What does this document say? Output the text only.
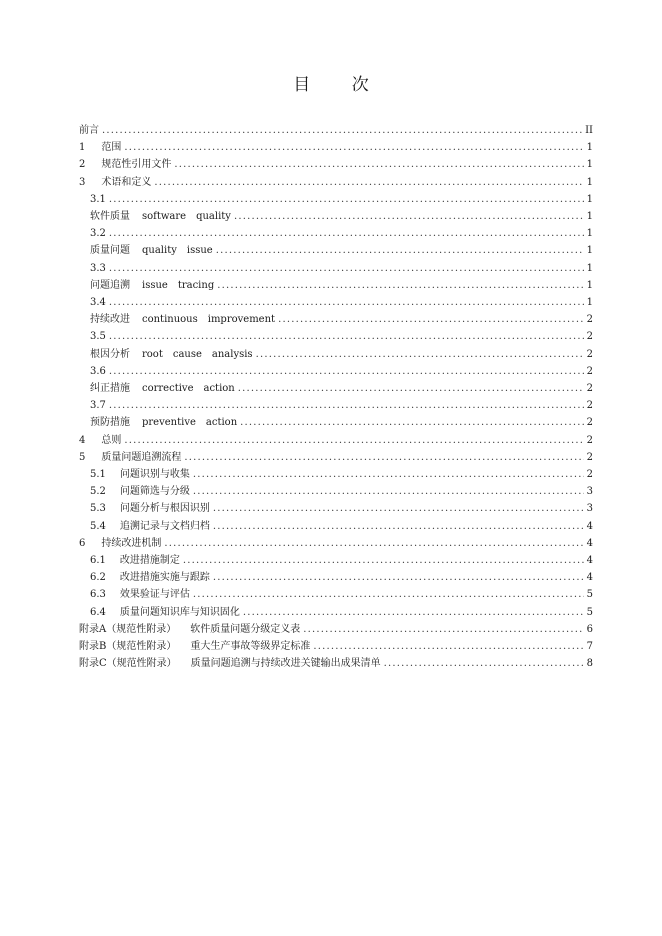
目 次
前言 .....	II
1 范围 .....	1
2 规范性引用文件 .....	1
3 术语和定义 .....	1
3.1 .....	1
软件质量 software　quality .....	1
3.2 .....	1
质量问题 quality　issue .....	1
3.3 .....	1
问题追溯 issue　tracing .....	1
3.4 .....	1
持续改进 continuous　improvement .....	2
3.5 .....	2
根因分析 root　cause　analysis .....	2
3.6 .....	2
纠正措施 corrective　action .....	2
3.7 .....	2
预防措施 preventive　action .....	2
4 总则 .....	2
5 质量问题追溯流程 .....	2
5.1 问题识别与收集 .....	2
5.2 问题筛选与分级 .....	3
5.3 问题分析与根因识别 .....	3
5.4 追溯记录与文档归档 .....	4
6 持续改进机制 .....	4
6.1 改进措施制定 .....	4
6.2 改进措施实施与跟踪 .....	4
6.3 效果验证与评估 .....	5
6.4 质量问题知识库与知识固化 .....	5
附录A（规范性附录） 软件质量问题分级定义表 .....	6
附录B（规范性附录） 重大生产事故等级界定标准 .....	7
附录C（规范性附录） 质量问题追溯与持续改进关键输出成果清单 .....	8
